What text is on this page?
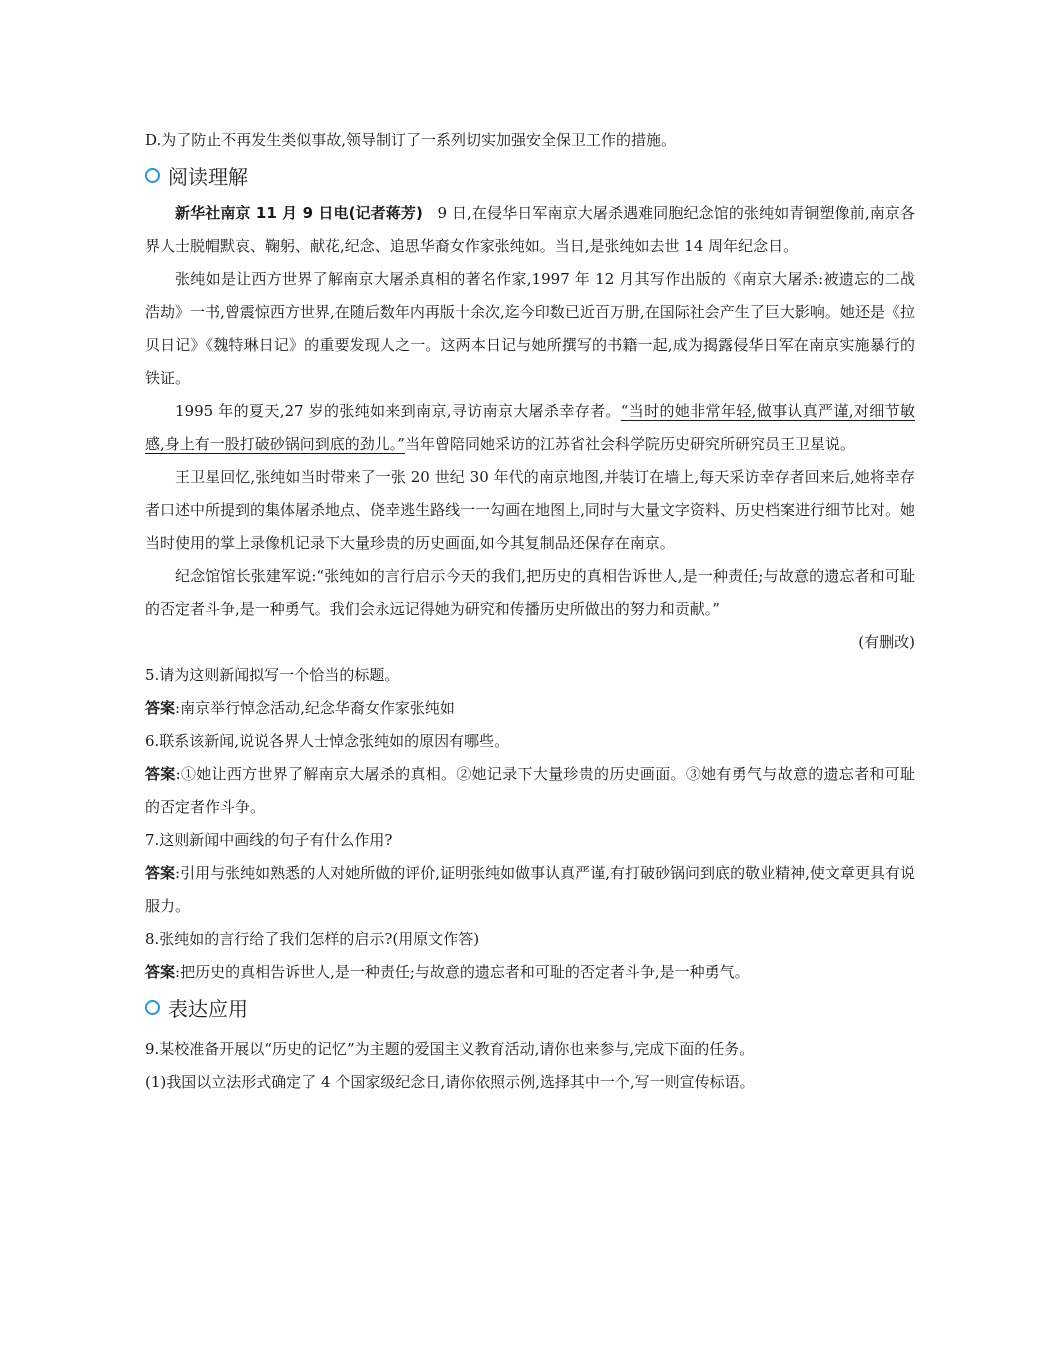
D.为了防止不再发生类似事故,领导制订了一系列切实加强安全保卫工作的措施。
阅读理解

新华社南京 11 月 9 日电(记者蒋芳) 9 日,在侵华日军南京大屠杀遇难同胞纪念馆的张纯如青铜塑像前,南京各界人士脱帽默哀、鞠躬、献花,纪念、追思华裔女作家张纯如。当日,是张纯如去世 14 周年纪念日。

张纯如是让西方世界了解南京大屠杀真相的著名作家,1997 年 12 月其写作出版的《南京大屠杀:被遗忘的二战浩劫》一书,曾震惊西方世界,在随后数年内再版十余次,迄今印数已近百万册,在国际社会产生了巨大影响。她还是《拉贝日记》《魏特琳日记》的重要发现人之一。这两本日记与她所撰写的书籍一起,成为揭露侵华日军在南京实施暴行的铁证。

1995 年的夏天,27 岁的张纯如来到南京,寻访南京大屠杀幸存者。“当时的她非常年轻,做事认真严谨,对细节敏感,身上有一股打破砂锅问到底的劲儿。”当年曾陪同她采访的江苏省社会科学院历史研究所研究员王卫星说。

王卫星回忆,张纯如当时带来了一张 20 世纪 30 年代的南京地图,并装订在墙上,每天采访幸存者回来后,她将幸存者口述中所提到的集体屠杀地点、侥幸逃生路线一一勾画在地图上,同时与大量文字资料、历史档案进行细节比对。她当时使用的掌上录像机记录下大量珍贵的历史画面,如今其复制品还保存在南京。

纪念馆馆长张建军说:“张纯如的言行启示今天的我们,把历史的真相告诉世人,是一种责任;与故意的遗忘者和可耻的否定者斗争,是一种勇气。我们会永远记得她为研究和传播历史所做出的努力和贡献。”

(有删改)

5.请为这则新闻拟写一个恰当的标题。

答案:南京举行悼念活动,纪念华裔女作家张纯如

6.联系该新闻,说说各界人士悼念张纯如的原因有哪些。

答案:①她让西方世界了解南京大屠杀的真相。②她记录下大量珍贵的历史画面。③她有勇气与故意的遗忘者和可耻的否定者作斗争。

7.这则新闻中画线的句子有什么作用?

答案:引用与张纯如熟悉的人对她所做的评价,证明张纯如做事认真严谨,有打破砂锅问到底的敬业精神,使文章更具有说服力。

8.张纯如的言行给了我们怎样的启示?(用原文作答)

答案:把历史的真相告诉世人,是一种责任;与故意的遗忘者和可耻的否定者斗争,是一种勇气。

表达应用

9.某校准备开展以“历史的记忆”为主题的爱国主义教育活动,请你也来参与,完成下面的任务。

(1)我国以立法形式确定了 4 个国家级纪念日,请你依照示例,选择其中一个,写一则宣传标语。
